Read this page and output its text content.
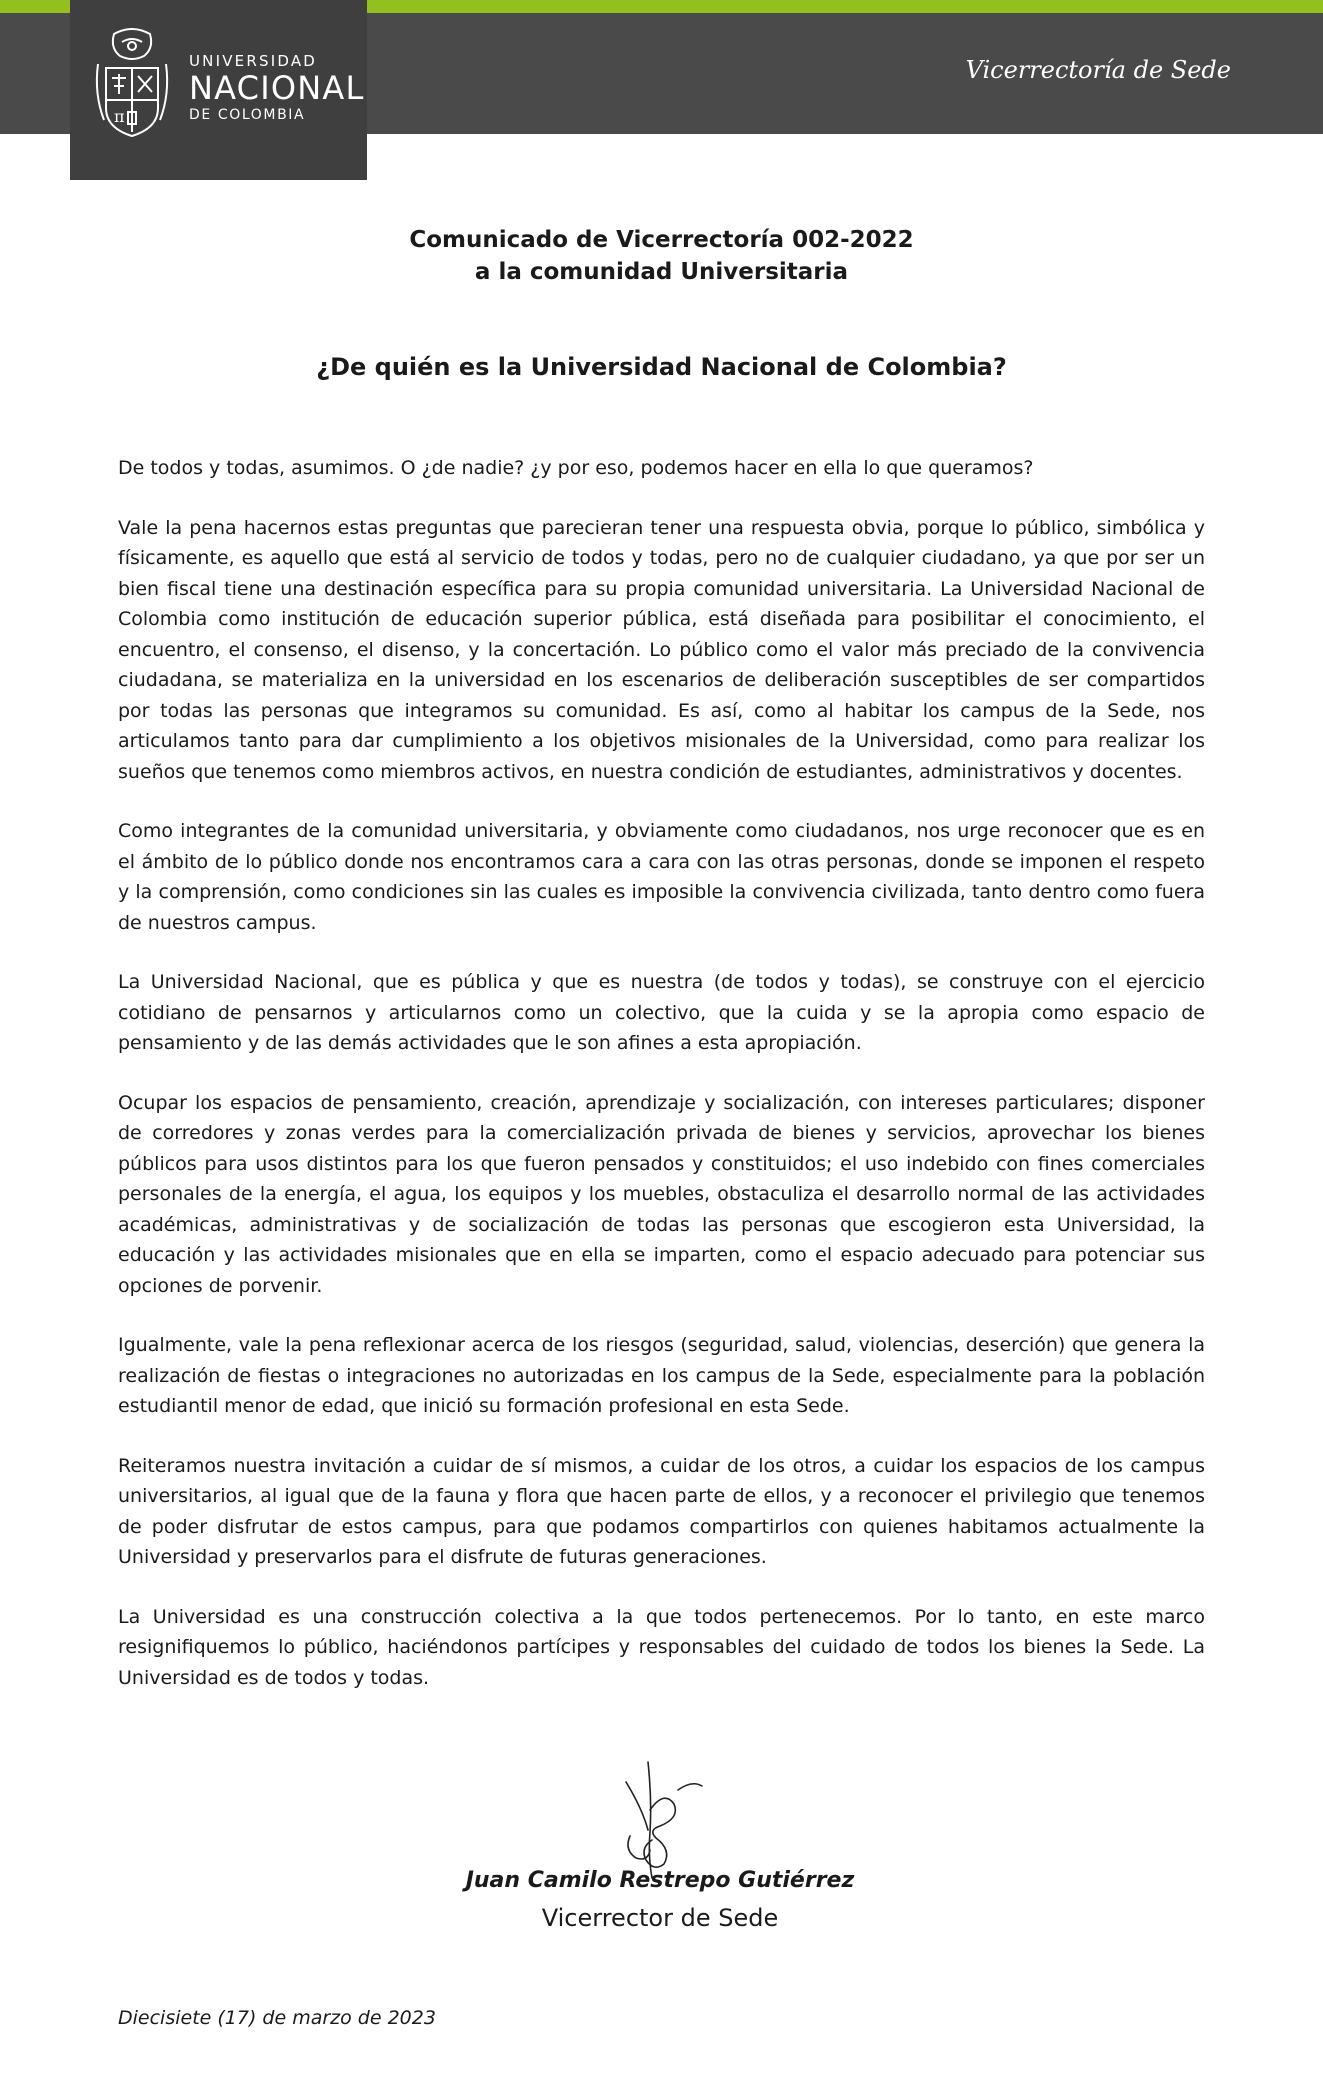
π
UNIVERSIDAD
NACIONAL
DE COLOMBIA
Vicerrectoría de Sede
Comunicado de Vicerrectoría 002-2022
a la comunidad Universitaria
¿De quién es la Universidad Nacional de Colombia?

De todos y todas, asumimos. O ¿de nadie? ¿y por eso, podemos hacer en ella lo que queramos?

Vale la pena hacernos estas preguntas que parecieran tener una respuesta obvia, porque lo público, simbólica y físicamente, es aquello que está al servicio de todos y todas, pero no de cualquier ciudadano, ya que por ser un bien fiscal tiene una destinación específica para su propia comunidad universitaria. La Universidad Nacional de Colombia como institución de educación superior pública, está diseñada para posibilitar el conocimiento, el encuentro, el consenso, el disenso, y la concertación. Lo público como el valor más preciado de la convivencia ciudadana, se materializa en la universidad en los escenarios de deliberación susceptibles de ser compartidos por todas las personas que integramos su comunidad. Es así, como al habitar los campus de la Sede, nos articulamos tanto para dar cumplimiento a los objetivos misionales de la Universidad, como para realizar los sueños que tenemos como miembros activos, en nuestra condición de estudiantes, administrativos y docentes.

Como integrantes de la comunidad universitaria, y obviamente como ciudadanos, nos urge reconocer que es en el ámbito de lo público donde nos encontramos cara a cara con las otras personas, donde se imponen el respeto y la comprensión, como condiciones sin las cuales es imposible la convivencia civilizada, tanto dentro como fuera de nuestros campus.

La Universidad Nacional, que es pública y que es nuestra (de todos y todas), se construye con el ejercicio cotidiano de pensarnos y articularnos como un colectivo, que la cuida y se la apropia como espacio de pensamiento y de las demás actividades que le son afines a esta apropiación.

Ocupar los espacios de pensamiento, creación, aprendizaje y socialización, con intereses particulares; disponer de corredores y zonas verdes para la comercialización privada de bienes y servicios, aprovechar los bienes públicos para usos distintos para los que fueron pensados y constituidos; el uso indebido con fines comerciales personales de la energía, el agua, los equipos y los muebles, obstaculiza el desarrollo normal de las actividades académicas, administrativas y de socialización de todas las personas que escogieron esta Universidad, la educación y las actividades misionales que en ella se imparten, como el espacio adecuado para potenciar sus opciones de porvenir.

Igualmente, vale la pena reflexionar acerca de los riesgos (seguridad, salud, violencias, deserción) que genera la realización de fiestas o integraciones no autorizadas en los campus de la Sede, especialmente para la población estudiantil menor de edad, que inició su formación profesional en esta Sede.

Reiteramos nuestra invitación a cuidar de sí mismos, a cuidar de los otros, a cuidar los espacios de los campus universitarios, al igual que de la fauna y flora que hacen parte de ellos, y a reconocer el privilegio que tenemos de poder disfrutar de estos campus, para que podamos compartirlos con quienes habitamos actualmente la Universidad y preservarlos para el disfrute de futuras generaciones.

La Universidad es una construcción colectiva a la que todos pertenecemos. Por lo tanto, en este marco resignifiquemos lo público, haciéndonos partícipes y responsables del cuidado de todos los bienes la Sede. La Universidad es de todos y todas.

Juan Camilo Restrepo Gutiérrez
Vicerrector de Sede
Diecisiete (17) de marzo de 2023
